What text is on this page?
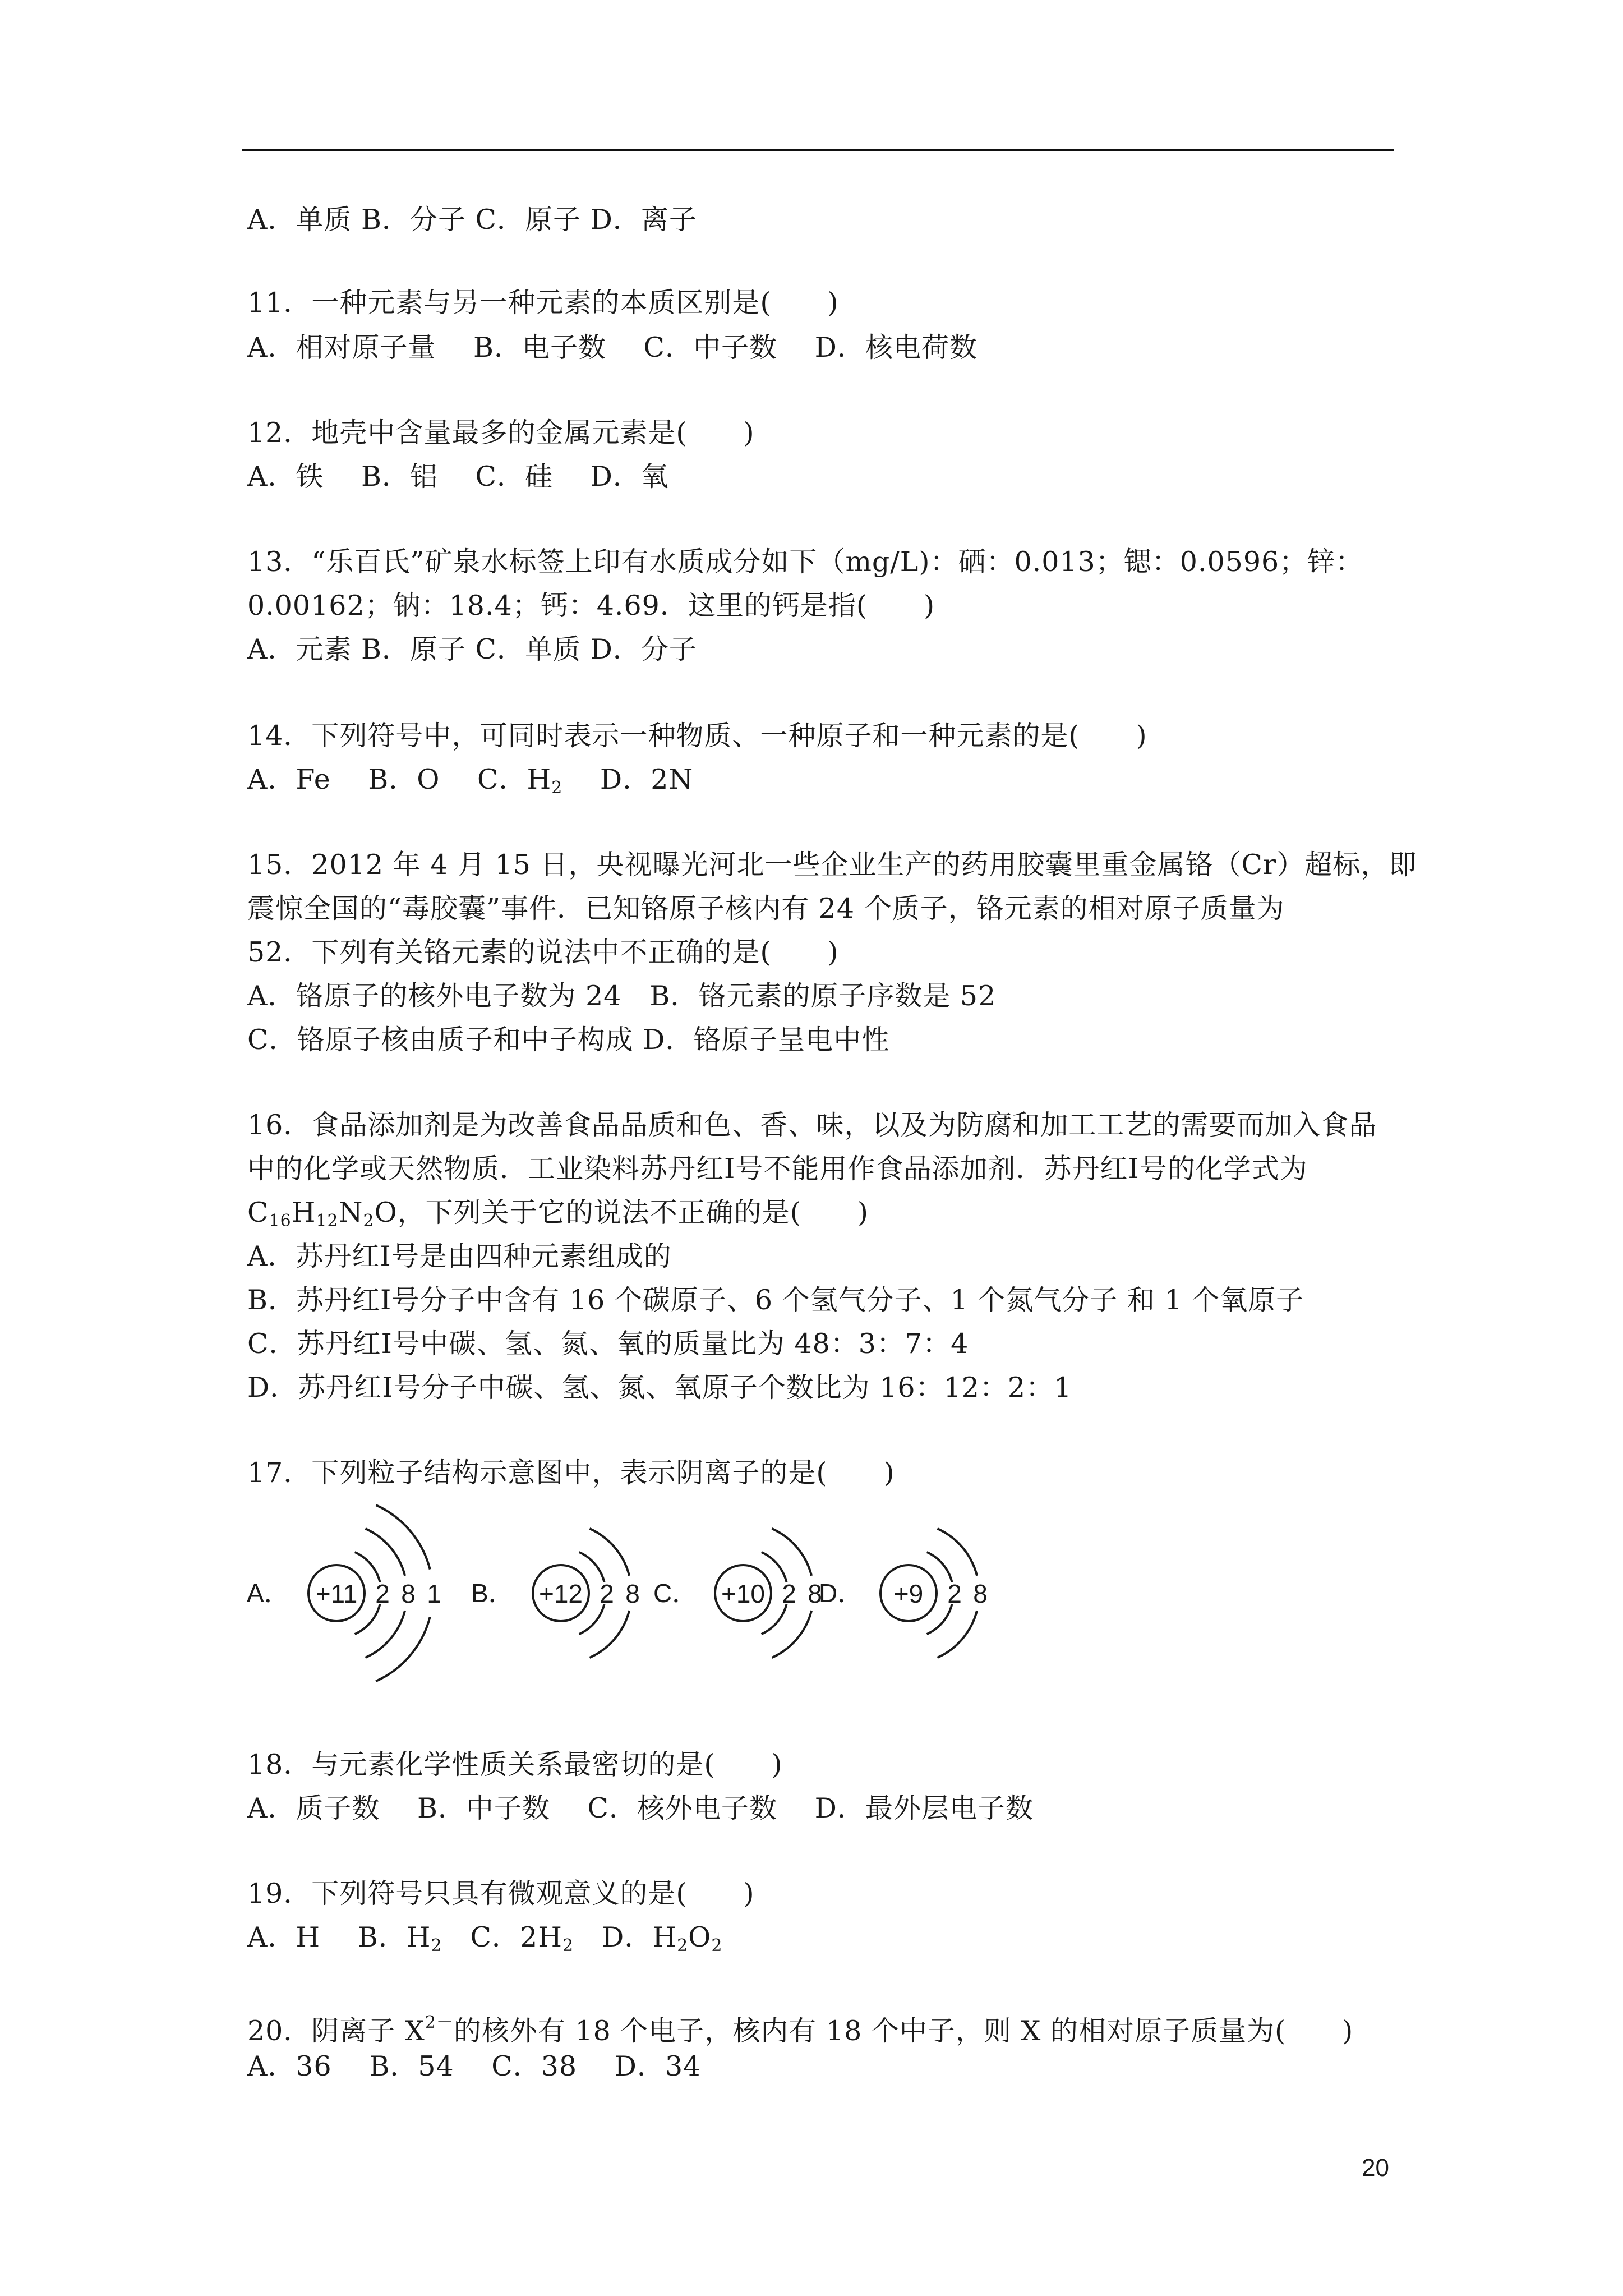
A．单质 B．分子 C．原子 D．离子
11．一种元素与另一种元素的本质区别是(　　)
A．相对原子量　 B．电子数　 C．中子数　 D．核电荷数
12．地壳中含量最多的金属元素是(　　)
A．铁　 B．铝　 C．硅　 D．氧
13．“乐百氏”矿泉水标签上印有水质成分如下（mg/L)：硒：0.013；锶：0.0596；锌：
0.00162；钠：18.4；钙：4.69．这里的钙是指(　　)
A．元素 B．原子 C．单质 D．分子
14．下列符号中，可同时表示一种物质、一种原子和一种元素的是(　　)
A．Fe　 B．O　 C．$H_2$　 D．2N
15．2012 年 4 月 15 日，央视曝光河北一些企业生产的药用胶囊里重金属铬（Cr）超标，即
震惊全国的“毒胶囊”事件．已知铬原子核内有 24 个质子，铬元素的相对原子质量为
52．下列有关铬元素的说法中不正确的是(　　)
A．铬原子的核外电子数为 24　B．铬元素的原子序数是 52
C．铬原子核由质子和中子构成 D．铬原子呈电中性
16．食品添加剂是为改善食品品质和色、香、味，以及为防腐和加工工艺的需要而加入食品
中的化学或天然物质．工业染料苏丹红Ⅰ号不能用作食品添加剂．苏丹红Ⅰ号的化学式为
$C_{16}H_{12}N_2O$，下列关于它的说法不正确的是(　　)
A．苏丹红Ⅰ号是由四种元素组成的
B．苏丹红Ⅰ号分子中含有 16 个碳原子、6 个氢气分子、1 个氮气分子 和 1 个氧原子
C．苏丹红Ⅰ号中碳、氢、氮、氧的质量比为 48：3：7：4
D．苏丹红Ⅰ号分子中碳、氢、氮、氧原子个数比为 16：12：2：1
17．下列粒子结构示意图中，表示阴离子的是(　　)
A． +11 2 8 1 B． +12 2 8 C． +10 2 8
D． +9 2 8
18．与元素化学性质关系最密切的是(　　)
A．质子数　 B．中子数　 C．核外电子数　 D．最外层电子数
19．下列符号只具有微观意义的是(　　)
A．H　 B．$H_2$　C．$2H_2$　D．$H_2O_2$
20．阴离子 $X^{2-}$的核外有 18 个电子，核内有 18 个中子，则 X 的相对原子质量为(　　)
A．36　 B．54　 C．38　 D．34
20
